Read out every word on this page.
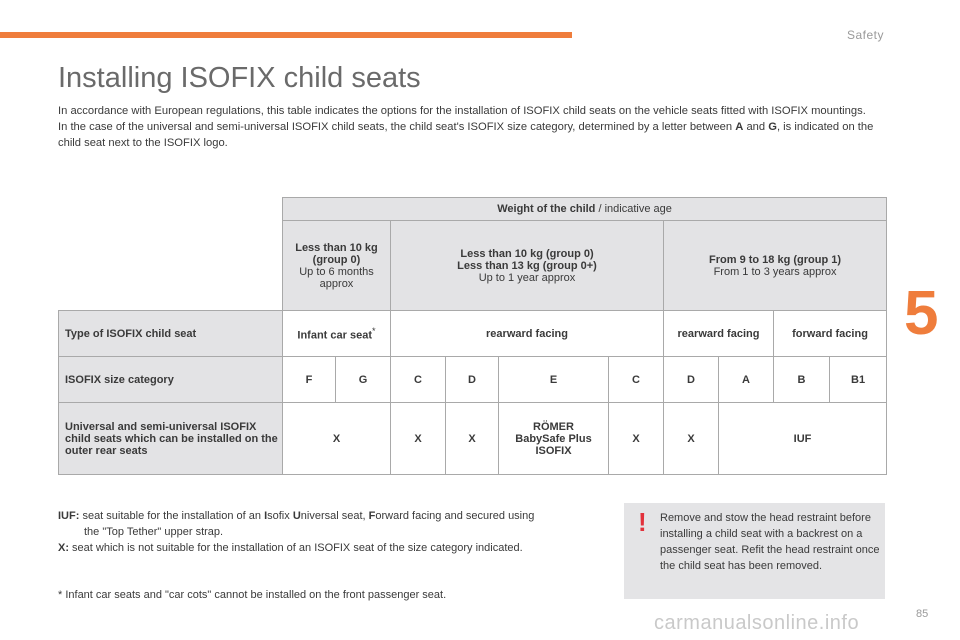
Safety
5
Installing ISOFIX child seats

In accordance with European regulations, this table indicates the options for the installation of ISOFIX child seats on the vehicle seats fitted with ISOFIX mountings.

In the case of the universal and semi-universal ISOFIX child seats, the child seat's ISOFIX size category, determined by a letter between A and G, is indicated on the child seat next to the ISOFIX logo.

	Weight of the child / indicative age									
	Less than 10 kg (group 0)
Up to 6 months approx		Less than 10 kg (group 0)
Less than 13 kg (group 0+)
Up to 1 year approx				From 9 to 18 kg (group 1)
From 1 to 3 years approx			
Type of ISOFIX child seat	Infant car seat*		rearward facing				rearward facing		forward facing	
ISOFIX size category	F	G	C	D	E	C	D	A	B	B1
Universal and semi-universal ISOFIX child seats which can be installed on the outer rear seats	X		X	X	RÖMER
BabySafe Plus
ISOFIX	X	X	IUF		

IUF: seat suitable for the installation of an Isofix Universal seat, Forward facing and secured using

the "Top Tether" upper strap.

X: seat which is not suitable for the installation of an ISOFIX seat of the size category indicated.

* Infant car seats and "car cots" cannot be installed on the front passenger seat.
! Remove and stow the head restraint before installing a child seat with a backrest on a passenger seat. Refit the head restraint once the child seat has been removed.
carmanualsonline.info	85
